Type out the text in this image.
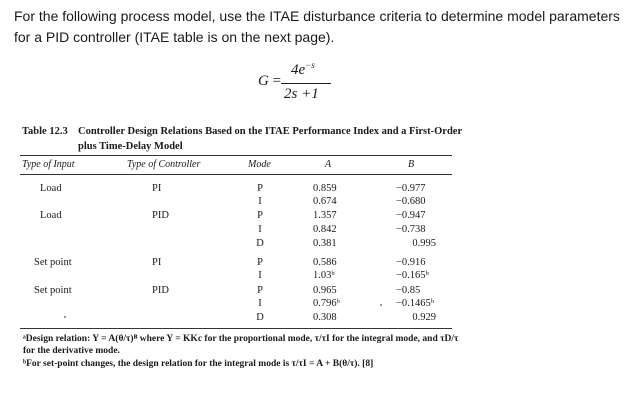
For the following process model, use the ITAE disturbance criteria to determine model parameters for a PID controller (ITAE table is on the next page).
G =
$4e^{-s}$
2s +1
Table 12.3 Controller Design Relations Based on the ITAE Performance Index and a First-Order plus Time-Delay Model
Type of Input	Type of Controller	Mode	A	B
Load	PI	P	0.859	−0.977
I	0.674	−0.680
Load	PID	P	1.357	−0.947
I	0.842	−0.738
D	0.381	0.995
Set point	PI	P	0.586	−0.916
I	1.03ᵇ	−0.165ᵇ
Set point	PID	P	0.965	−0.85
I	0.796ᵇ	−0.1465ᵇ
D	0.308	0.929
ᵃDesign relation: Y = A(θ/τ)ᴮ where Y = KKc for the proportional mode, τ/τI for the integral mode, and τD/τ for the derivative mode.
ᵇFor set-point changes, the design relation for the integral mode is τ/τI = A + B(θ/τ). [8]
